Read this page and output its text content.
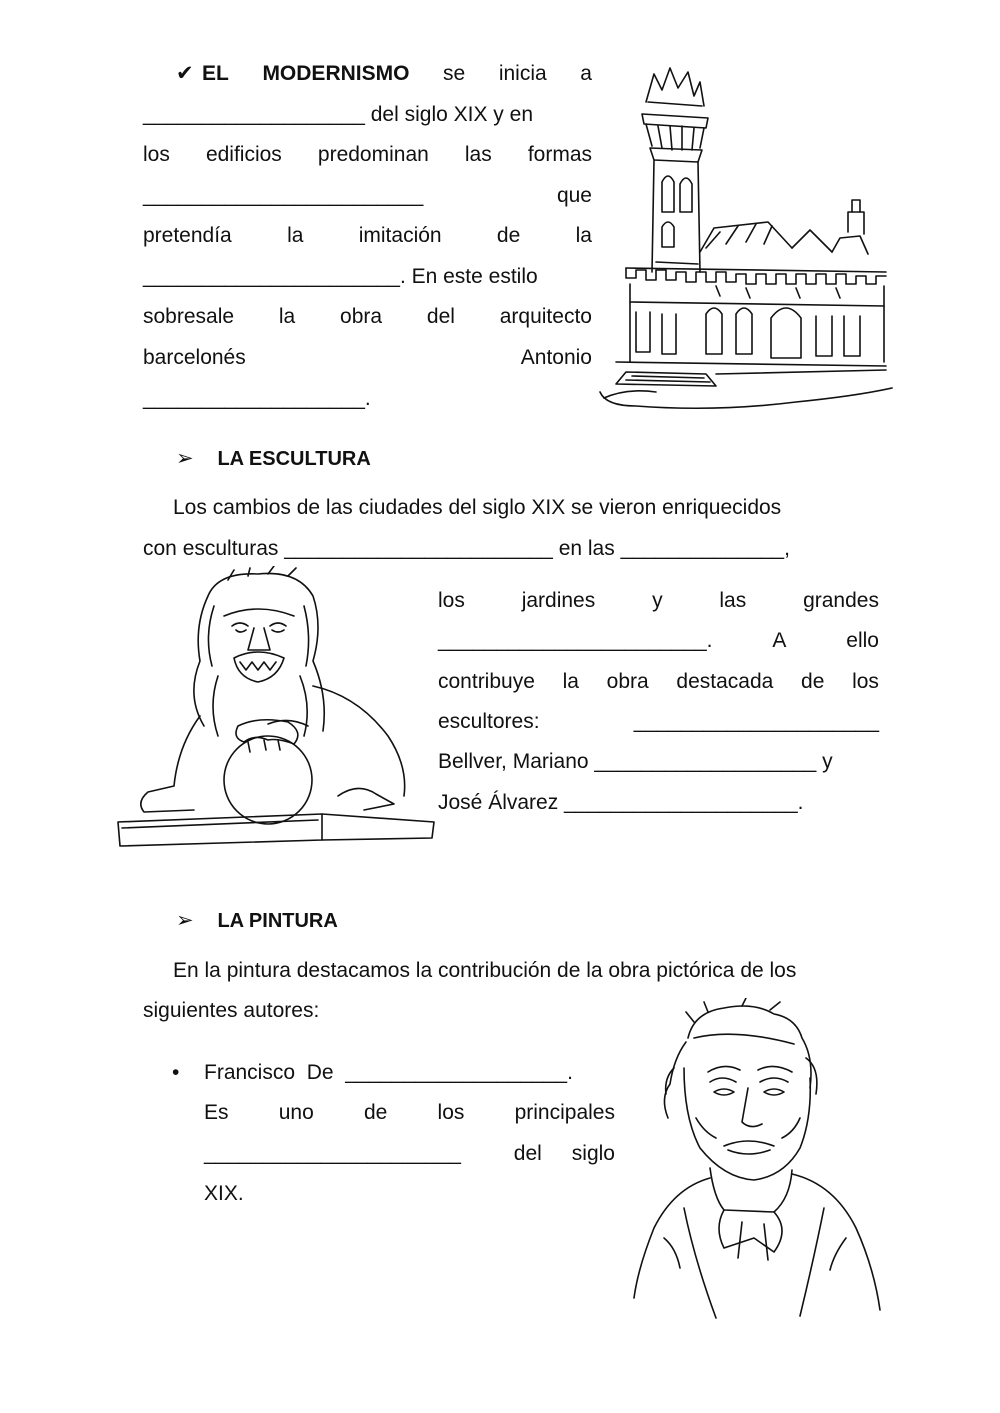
✔ EL MODERNISMO se inicia a
___________________ del siglo XIX y en
los edificios predominan las formas
________________________	que
pretendía	la	imitación	de	la
______________________. En este estilo
sobresale la obra del arquitecto
barcelonés	Antonio
___________________.
➢ LA ESCULTURA
Los cambios de las ciudades del siglo XIX se vieron enriquecidos
con esculturas _______________________ en las ______________,
los	jardines	y	las	grandes
_______________________.	A	ello
contribuye la obra destacada de los
escultores:	_____________________
Bellver, Mariano ___________________ y
José Álvarez ____________________.
➢ LA PINTURA
En la pintura destacamos la contribución de la obra pictórica de los
siguientes autores:
• Francisco  De  ___________________.
Es uno de los principales
______________________	del siglo
XIX.
